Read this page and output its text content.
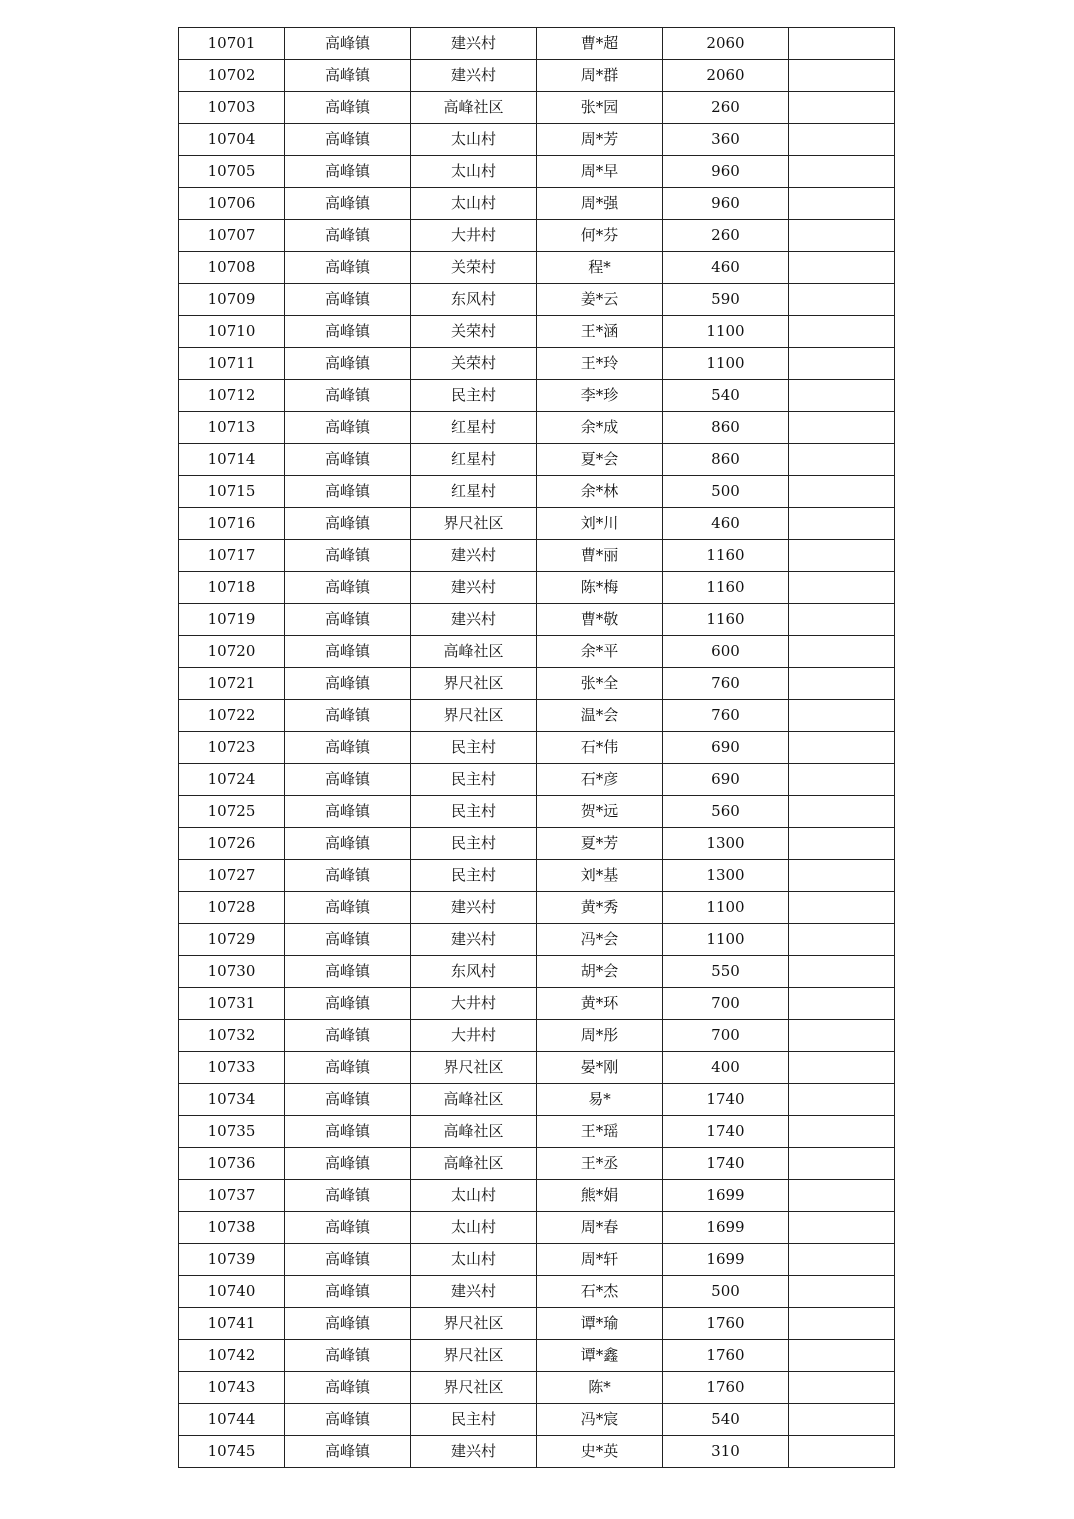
10701	高峰镇	建兴村	曹*超	2060	
10702	高峰镇	建兴村	周*群	2060	
10703	高峰镇	高峰社区	张*园	260	
10704	高峰镇	太山村	周*芳	360	
10705	高峰镇	太山村	周*早	960	
10706	高峰镇	太山村	周*强	960	
10707	高峰镇	大井村	何*芬	260	
10708	高峰镇	关荣村	程*	460	
10709	高峰镇	东风村	姜*云	590	
10710	高峰镇	关荣村	王*涵	1100	
10711	高峰镇	关荣村	王*玲	1100	
10712	高峰镇	民主村	李*珍	540	
10713	高峰镇	红星村	余*成	860	
10714	高峰镇	红星村	夏*会	860	
10715	高峰镇	红星村	余*林	500	
10716	高峰镇	界尺社区	刘*川	460	
10717	高峰镇	建兴村	曹*丽	1160	
10718	高峰镇	建兴村	陈*梅	1160	
10719	高峰镇	建兴村	曹*敬	1160	
10720	高峰镇	高峰社区	余*平	600	
10721	高峰镇	界尺社区	张*全	760	
10722	高峰镇	界尺社区	温*会	760	
10723	高峰镇	民主村	石*伟	690	
10724	高峰镇	民主村	石*彦	690	
10725	高峰镇	民主村	贺*远	560	
10726	高峰镇	民主村	夏*芳	1300	
10727	高峰镇	民主村	刘*基	1300	
10728	高峰镇	建兴村	黄*秀	1100	
10729	高峰镇	建兴村	冯*会	1100	
10730	高峰镇	东风村	胡*会	550	
10731	高峰镇	大井村	黄*环	700	
10732	高峰镇	大井村	周*彤	700	
10733	高峰镇	界尺社区	晏*刚	400	
10734	高峰镇	高峰社区	易*	1740	
10735	高峰镇	高峰社区	王*瑶	1740	
10736	高峰镇	高峰社区	王*丞	1740	
10737	高峰镇	太山村	熊*娟	1699	
10738	高峰镇	太山村	周*春	1699	
10739	高峰镇	太山村	周*轩	1699	
10740	高峰镇	建兴村	石*杰	500	
10741	高峰镇	界尺社区	谭*瑜	1760	
10742	高峰镇	界尺社区	谭*鑫	1760	
10743	高峰镇	界尺社区	陈*	1760	
10744	高峰镇	民主村	冯*宸	540	
10745	高峰镇	建兴村	史*英	310	
